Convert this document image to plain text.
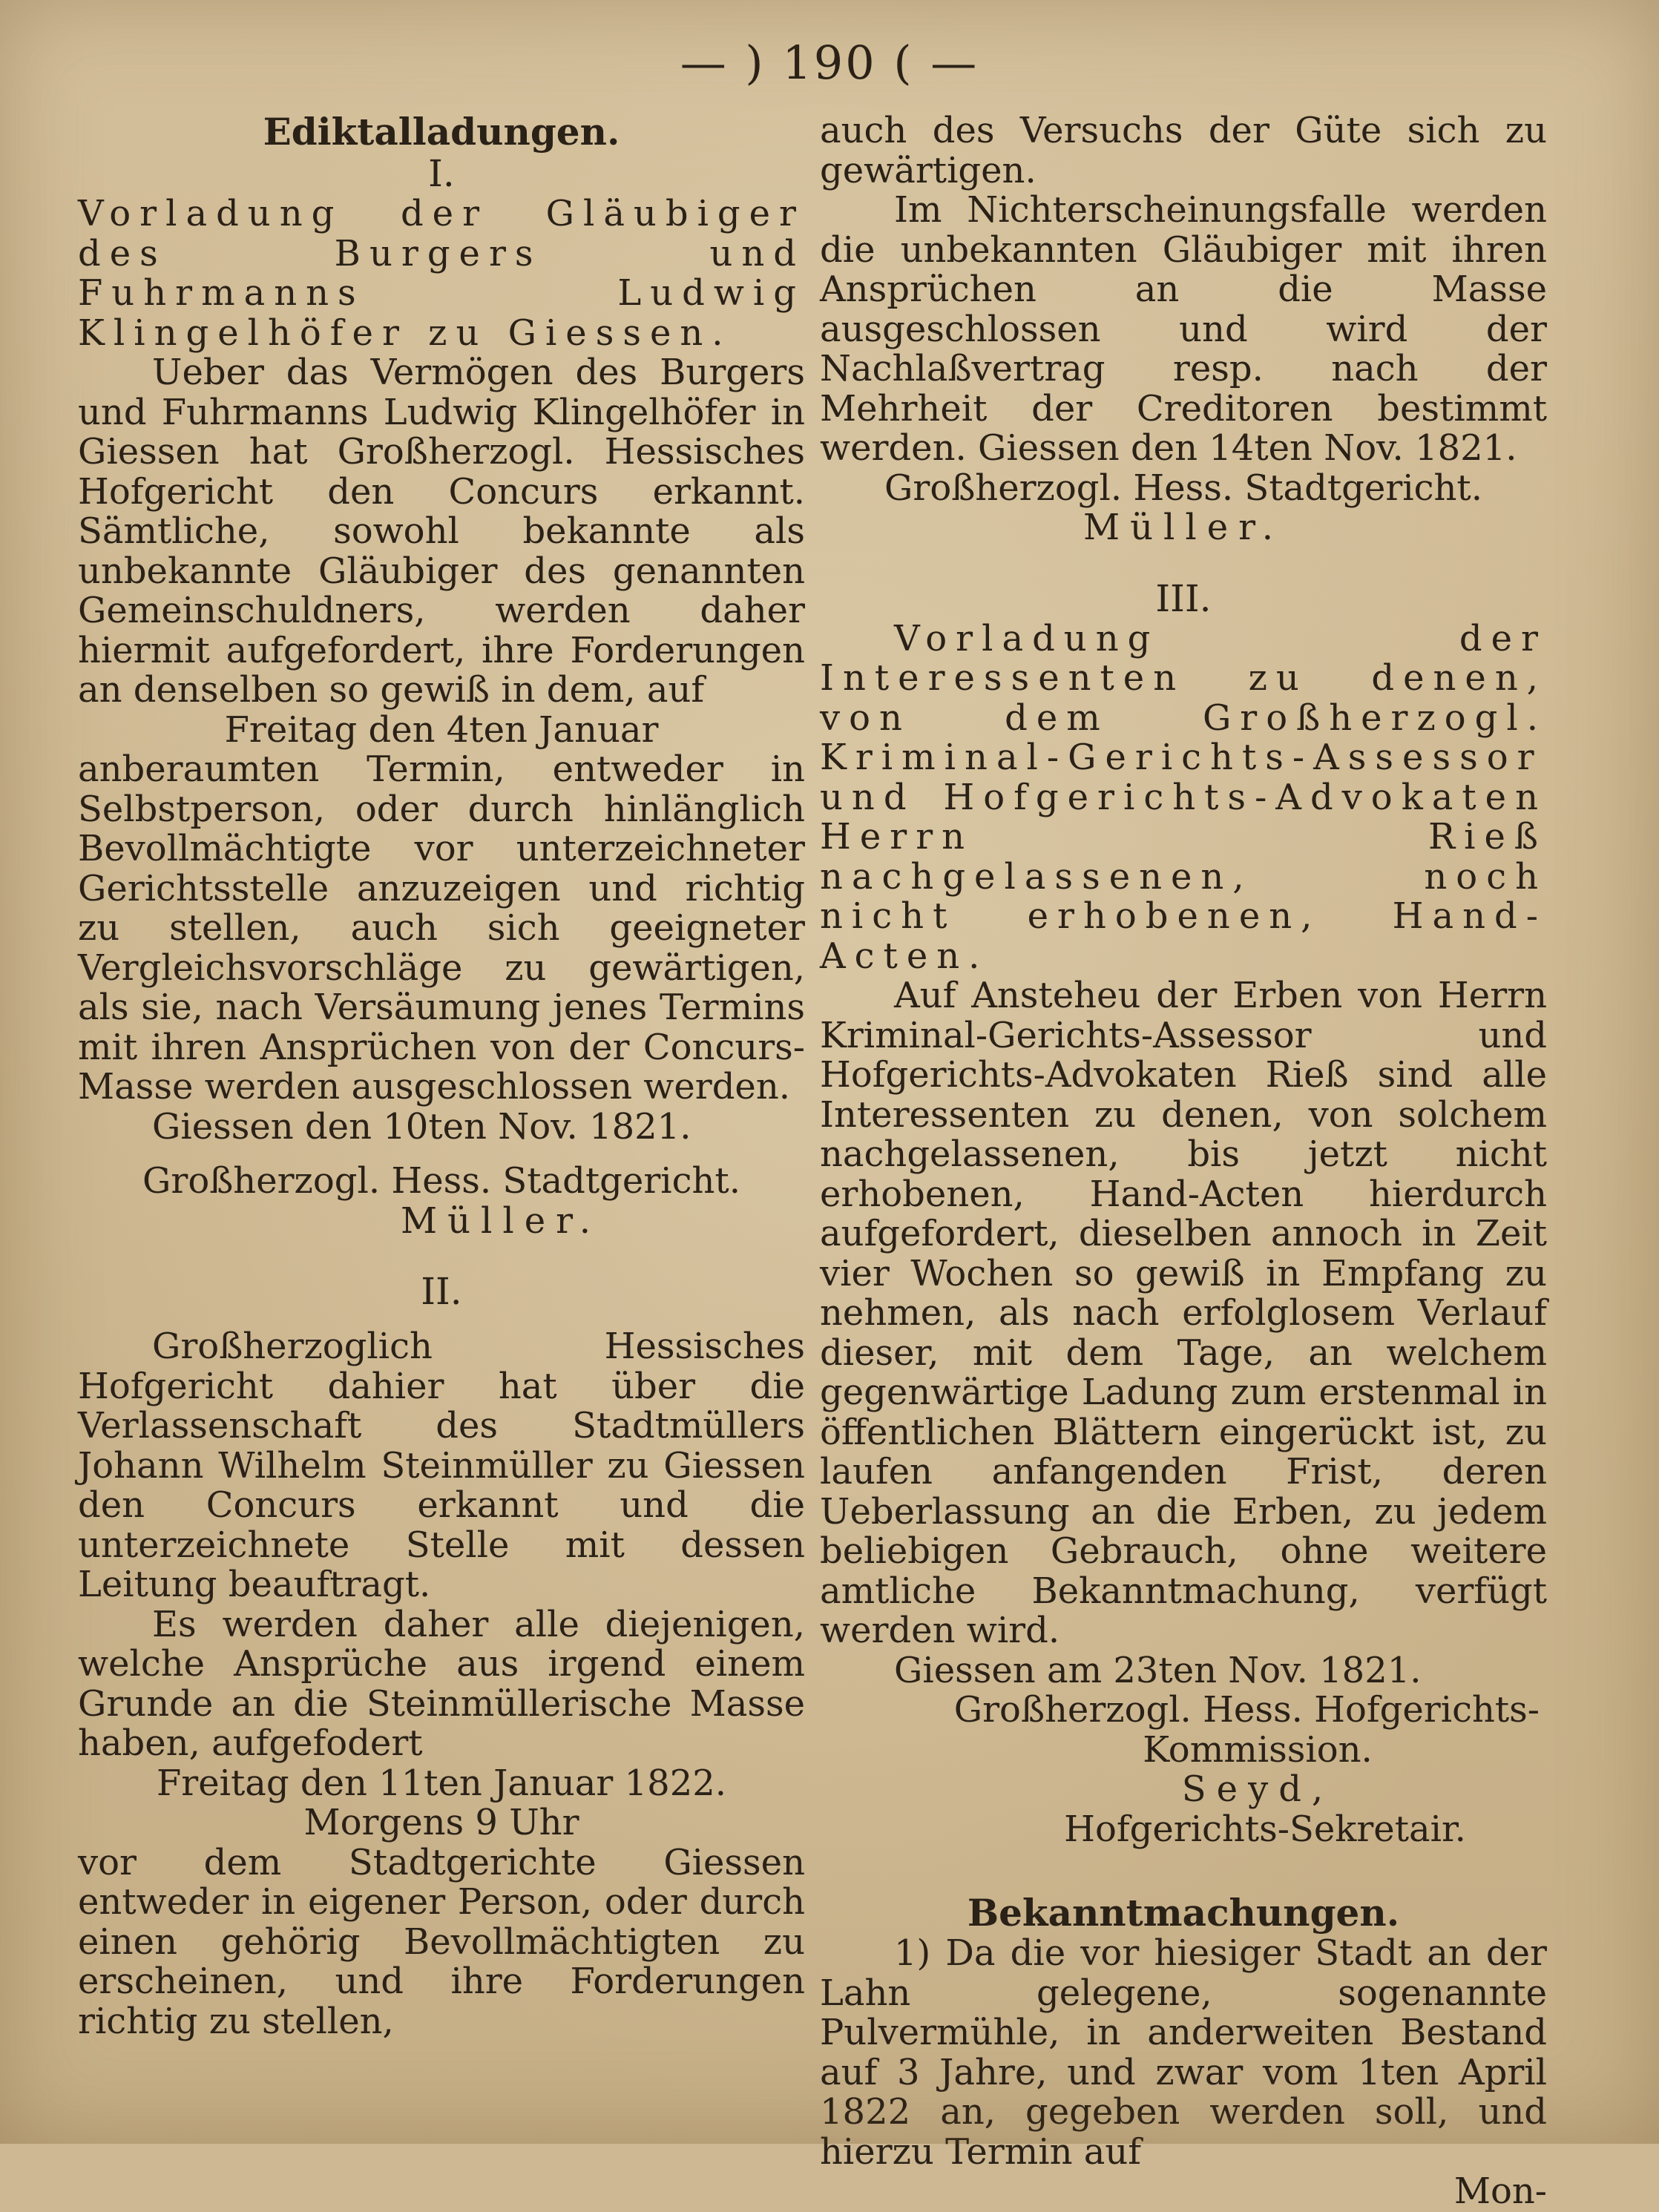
— ) 190 ( —
Ediktalladungen.
I.
Vorladung der Gläubiger des Burgers und Fuhrmanns Ludwig Klingelhöfer zu Giessen.

Ueber das Vermögen des Burgers und Fuhrmanns Ludwig Klingelhöfer in Giessen hat Großherzogl. Hessisches Hofgericht den Concurs erkannt. Sämtliche, sowohl bekannte als unbekannte Gläubiger des genannten Gemeinschuldners, werden daher hiermit aufgefordert, ihre Forderungen an denselben so gewiß in dem, auf

Freitag den 4ten Januar

anberaumten Termin, entweder in Selbstperson, oder durch hinlänglich Bevollmächtigte vor unterzeichneter Gerichtsstelle anzuzeigen und richtig zu stellen, auch sich geeigneter Vergleichsvorschläge zu gewärtigen, als sie, nach Versäumung jenes Termins mit ihren Ansprüchen von der Concurs-Masse werden ausgeschlossen werden.

Giessen den 10ten Nov. 1821.
Großherzogl. Hess. Stadtgericht.
Müller.
II.

Großherzoglich Hessisches Hofgericht dahier hat über die Verlassenschaft des Stadtmüllers Johann Wilhelm Steinmüller zu Giessen den Concurs erkannt und die unterzeichnete Stelle mit dessen Leitung beauftragt.

Es werden daher alle diejenigen, welche Ansprüche aus irgend einem Grunde an die Steinmüllerische Masse haben, aufgefodert

Freitag den 11ten Januar 1822.
Morgens 9 Uhr

vor dem Stadtgerichte Giessen entweder in eigener Person, oder durch einen gehörig Bevollmächtigten zu erscheinen, und ihre Forderungen richtig zu stellen,

auch des Versuchs der Güte sich zu gewärtigen.

Im Nichterscheinungsfalle werden die unbekannten Gläubiger mit ihren Ansprüchen an die Masse ausgeschlossen und wird der Nachlaßvertrag resp. nach der Mehrheit der Creditoren bestimmt werden. Giessen den 14ten Nov. 1821.

Großherzogl. Hess. Stadtgericht.
Müller.
III.
Vorladung der Interessenten zu denen, von dem Großherzogl. Kriminal-Gerichts-Assessor und Hofgerichts-Advokaten Herrn Rieß nachgelassenen, noch nicht erhobenen, Hand-Acten.

Auf Ansteheu der Erben von Herrn Kriminal-Gerichts-Assessor und Hofgerichts-Advokaten Rieß sind alle Interessenten zu denen, von solchem nachgelassenen, bis jetzt nicht erhobenen, Hand-Acten hierdurch aufgefordert, dieselben annoch in Zeit vier Wochen so gewiß in Empfang zu nehmen, als nach erfolglosem Verlauf dieser, mit dem Tage, an welchem gegenwärtige Ladung zum erstenmal in öffentlichen Blättern eingerückt ist, zu laufen anfangenden Frist, deren Ueberlassung an die Erben, zu jedem beliebigen Gebrauch, ohne weitere amtliche Bekanntmachung, verfügt werden wird.

Giessen am 23ten Nov. 1821.
Großherzogl. Hess. Hofgerichts-
Kommission.
Seyd,
Hofgerichts-Sekretair.
Bekanntmachungen.

1) Da die vor hiesiger Stadt an der Lahn gelegene, sogenannte Pulvermühle, in anderweiten Bestand auf 3 Jahre, und zwar vom 1ten April 1822 an, gegeben werden soll, und hierzu Termin auf

Mon-
